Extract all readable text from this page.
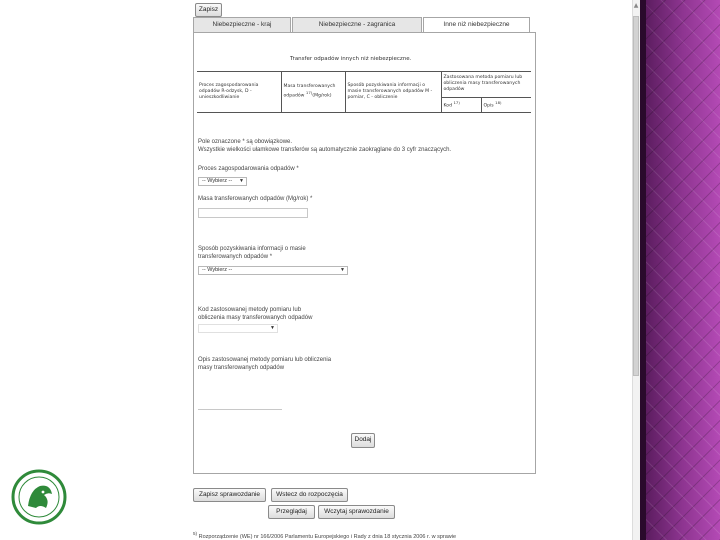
▲
Zapisz
Niebezpieczne - kraj	Niebezpieczne - zagranica	Inne niż niebezpieczne
Transfer odpadów innych niż niebezpieczne.
Proces zagospodarowania odpadów R-odzysk, D - unieszkodliwianie	Masa transferowanych odpadów $^{17)}$(Mg/rok)	Sposób pozyskiwania informacji o masie transferowanych odpadów M - pomiar, C - obliczenie	Zastosowana metoda pomiaru lub obliczenia masy transferowanych odpadów	
			Kod $^{17)}$	Opis $^{18)}$
Pole oznaczone * są obowiązkowe.
Wszystkie wielkości ułamkowe transferów są automatycznie zaokrąglane do 3 cyfr znaczących.
Proces zagospodarowania odpadów *
-- Wybierz -- ▼
Masa transferowanych odpadów (Mg/rok) *
Sposób pozyskiwania informacji o masie
transferowanych odpadów *
-- Wybierz --	▼
Kod zastosowanej metody pomiaru lub
obliczenia masy transferowanych odpadów
▼
Opis zastosowanej metody pomiaru lub obliczenia
masy transferowanych odpadów
Dodaj
Zapisz sprawozdanie	Wstecz do rozpoczęcia
Przeglądaj	Wczytaj sprawozdanie
$^{5)}$ Rozporządzenie (WE) nr 166/2006 Parlamentu Europejskiego i Rady z dnia 18 stycznia 2006 r. w sprawie
